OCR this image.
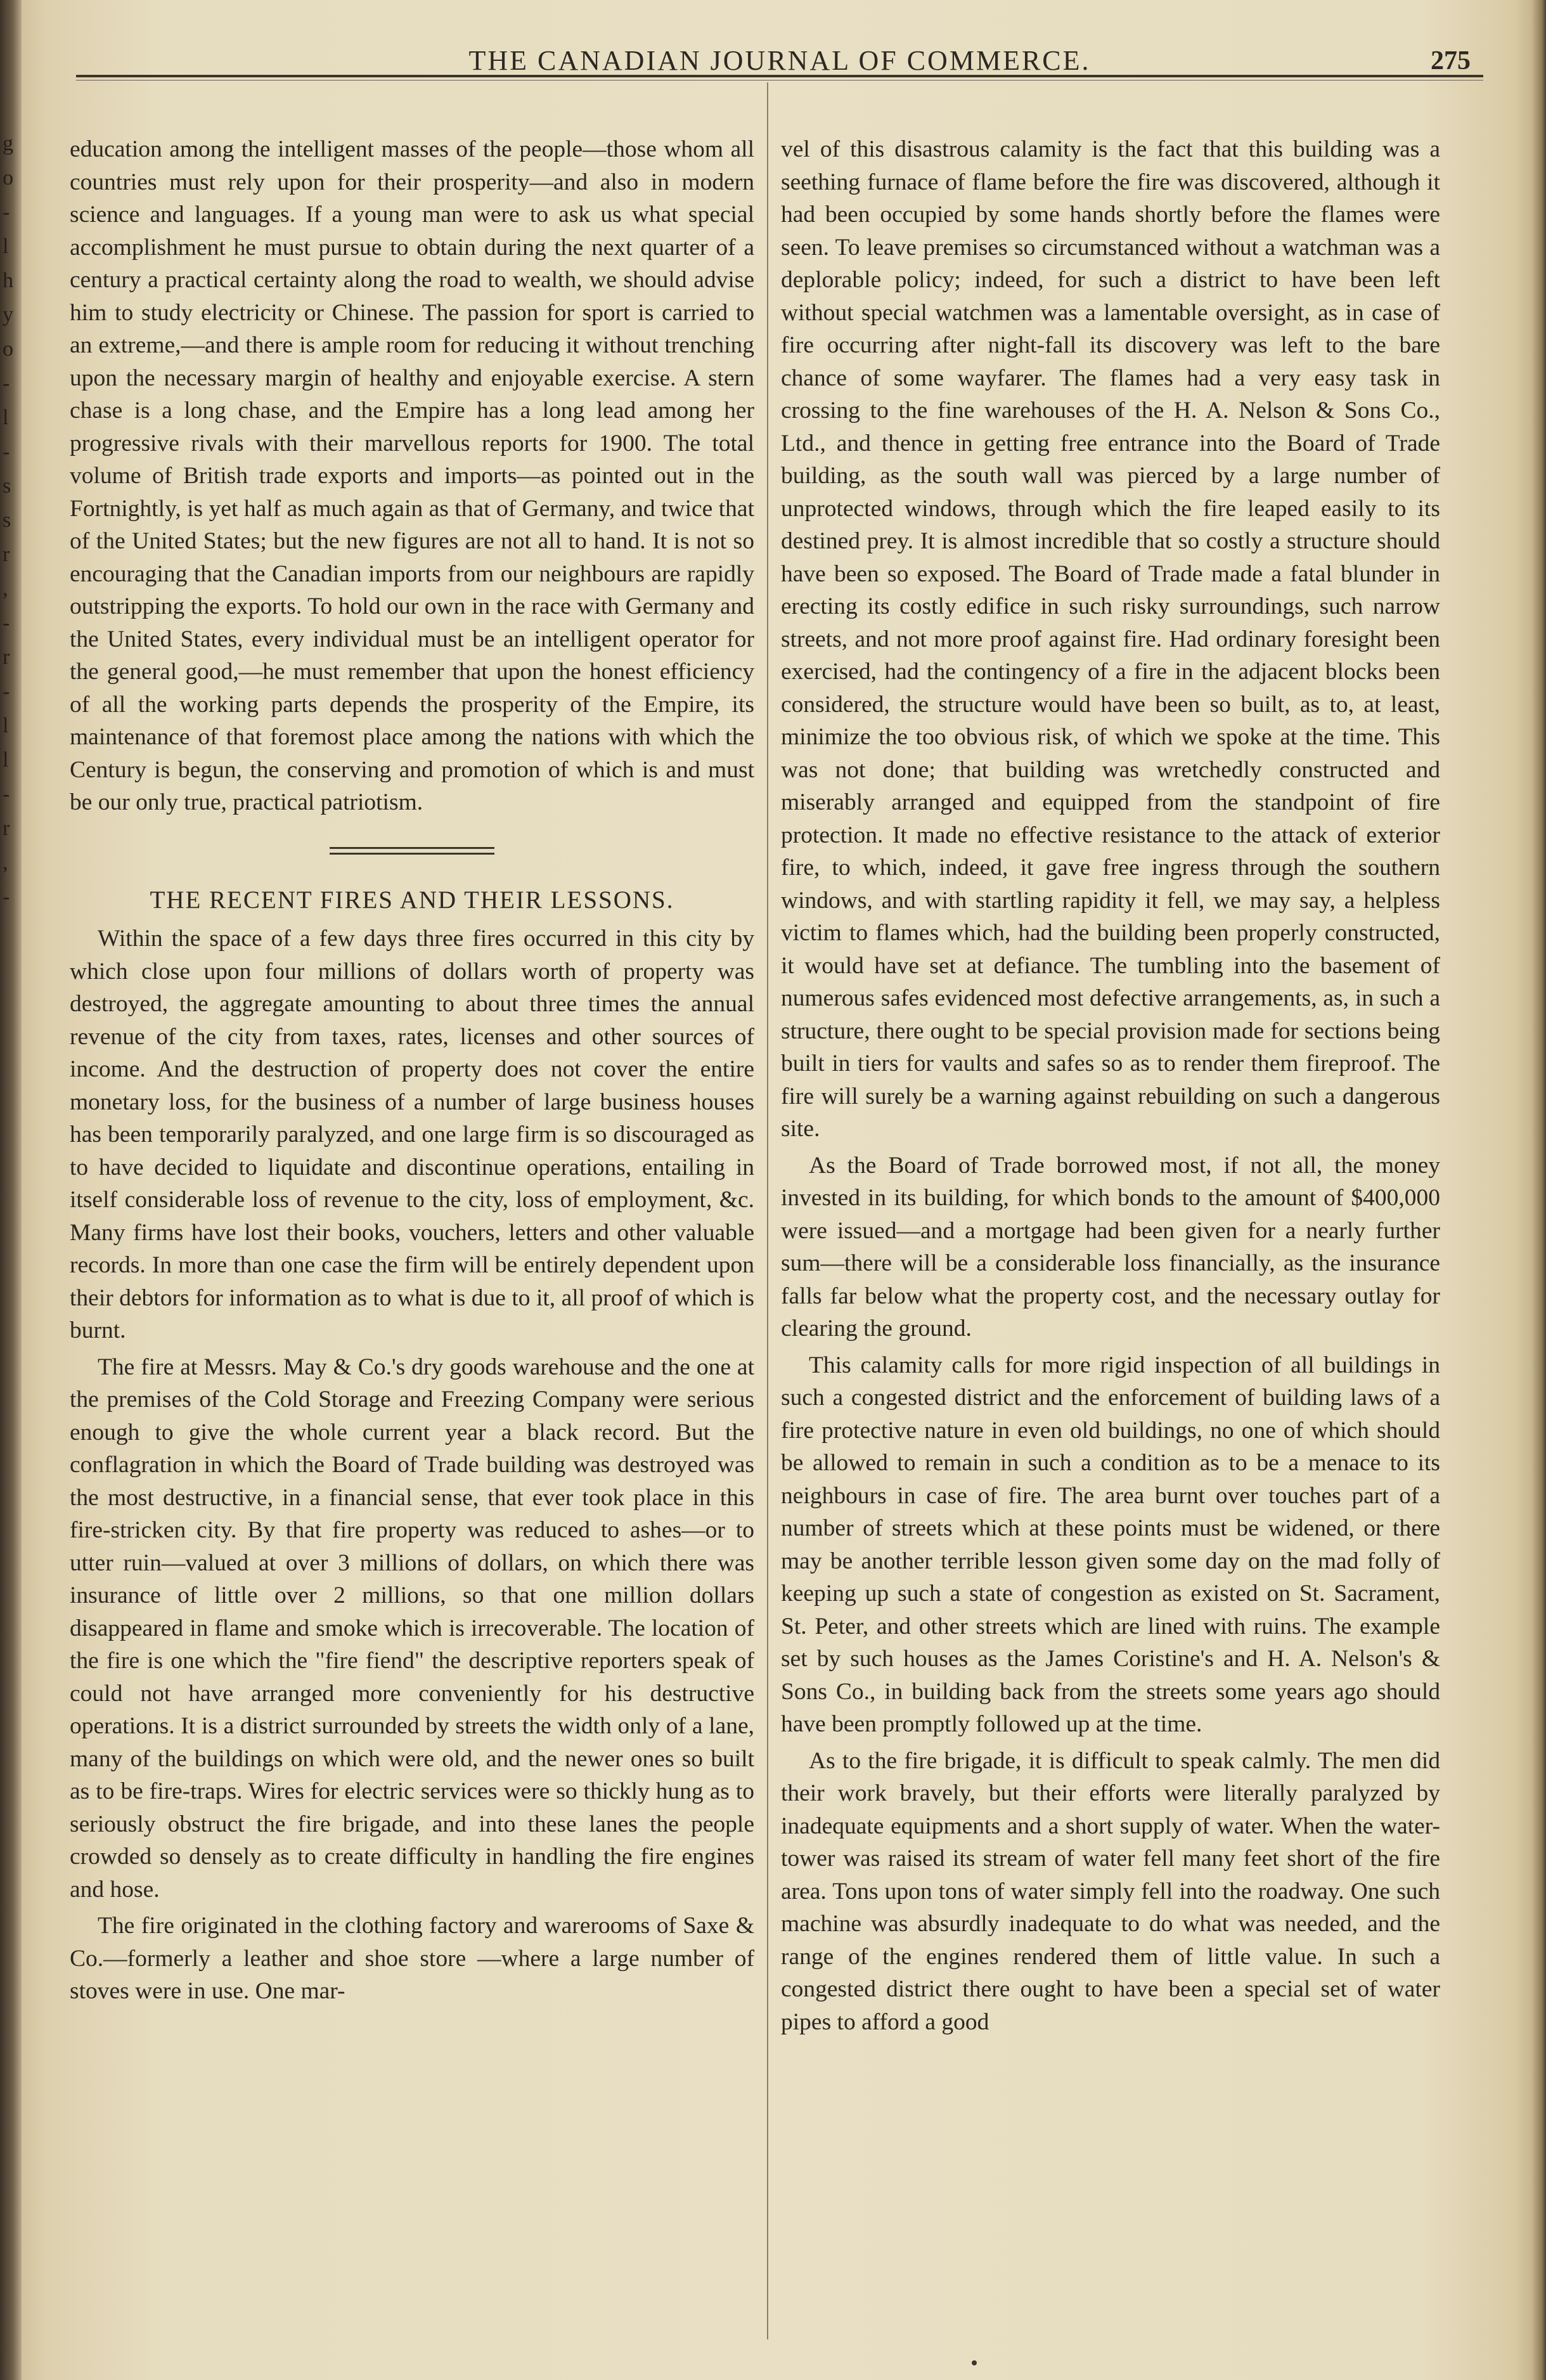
g
o
-
l
h
y
o
-
l
-
s
s
r
,
-
r
-
l
l
-
r
,
-
THE CANADIAN JOURNAL OF COMMERCE.	275

education among the intelligent masses of the people—those whom all countries must rely upon for their prosperity—and also in modern science and languages. If a young man were to ask us what special accomplishment he must pursue to obtain during the next quarter of a century a practical certainty along the road to wealth, we should advise him to study electricity or Chinese. The passion for sport is carried to an extreme,—and there is ample room for reducing it without trenching upon the necessary margin of healthy and enjoyable exercise. A stern chase is a long chase, and the Empire has a long lead among her progressive rivals with their marvellous reports for 1900. The total volume of British trade exports and imports—as pointed out in the Fortnightly, is yet half as much again as that of Germany, and twice that of the United States; but the new figures are not all to hand. It is not so encouraging that the Canadian imports from our neighbours are rapidly outstripping the exports. To hold our own in the race with Germany and the United States, every individual must be an intelligent operator for the general good,—he must remember that upon the honest efficiency of all the working parts depends the prosperity of the Empire, its maintenance of that foremost place among the nations with which the Century is begun, the conserving and promotion of which is and must be our only true, practical patriotism.

THE RECENT FIRES AND THEIR LESSONS.

Within the space of a few days three fires occurred in this city by which close upon four millions of dollars worth of property was destroyed, the aggregate amounting to about three times the annual revenue of the city from taxes, rates, licenses and other sources of income. And the destruction of property does not cover the entire monetary loss, for the business of a number of large business houses has been temporarily paralyzed, and one large firm is so discouraged as to have decided to liquidate and discontinue operations, entailing in itself considerable loss of revenue to the city, loss of employment, &c. Many firms have lost their books, vouchers, letters and other valuable records. In more than one case the firm will be entirely dependent upon their debtors for information as to what is due to it, all proof of which is burnt.

The fire at Messrs. May & Co.'s dry goods warehouse and the one at the premises of the Cold Storage and Freezing Company were serious enough to give the whole current year a black record. But the conflagration in which the Board of Trade building was destroyed was the most destructive, in a financial sense, that ever took place in this fire-stricken city. By that fire property was reduced to ashes—or to utter ruin—valued at over 3 millions of dollars, on which there was insurance of little over 2 millions, so that one million dollars disappeared in flame and smoke which is irrecoverable. The location of the fire is one which the "fire fiend" the descriptive reporters speak of could not have arranged more conveniently for his destructive operations. It is a district surrounded by streets the width only of a lane, many of the buildings on which were old, and the newer ones so built as to be fire-traps. Wires for electric services were so thickly hung as to seriously obstruct the fire brigade, and into these lanes the people crowded so densely as to create difficulty in handling the fire engines and hose.

The fire originated in the clothing factory and warerooms of Saxe & Co.—formerly a leather and shoe store —where a large number of stoves were in use. One mar-

vel of this disastrous calamity is the fact that this building was a seething furnace of flame before the fire was discovered, although it had been occupied by some hands shortly before the flames were seen. To leave premises so circumstanced without a watchman was a deplorable policy; indeed, for such a district to have been left without special watchmen was a lamentable oversight, as in case of fire occurring after night-fall its discovery was left to the bare chance of some wayfarer. The flames had a very easy task in crossing to the fine warehouses of the H. A. Nelson & Sons Co., Ltd., and thence in getting free entrance into the Board of Trade building, as the south wall was pierced by a large number of unprotected windows, through which the fire leaped easily to its destined prey. It is almost incredible that so costly a structure should have been so exposed. The Board of Trade made a fatal blunder in erecting its costly edifice in such risky surroundings, such narrow streets, and not more proof against fire. Had ordinary foresight been exercised, had the contingency of a fire in the adjacent blocks been considered, the structure would have been so built, as to, at least, minimize the too obvious risk, of which we spoke at the time. This was not done; that building was wretchedly constructed and miserably arranged and equipped from the standpoint of fire protection. It made no effective resistance to the attack of exterior fire, to which, indeed, it gave free ingress through the southern windows, and with startling rapidity it fell, we may say, a helpless victim to flames which, had the building been properly constructed, it would have set at defiance. The tumbling into the basement of numerous safes evidenced most defective arrangements, as, in such a structure, there ought to be special provision made for sections being built in tiers for vaults and safes so as to render them fireproof. The fire will surely be a warning against rebuilding on such a dangerous site.

As the Board of Trade borrowed most, if not all, the money invested in its building, for which bonds to the amount of $400,000 were issued—and a mortgage had been given for a nearly further sum—there will be a considerable loss financially, as the insurance falls far below what the property cost, and the necessary outlay for clearing the ground.

This calamity calls for more rigid inspection of all buildings in such a congested district and the enforcement of building laws of a fire protective nature in even old buildings, no one of which should be allowed to remain in such a condition as to be a menace to its neighbours in case of fire. The area burnt over touches part of a number of streets which at these points must be widened, or there may be another terrible lesson given some day on the mad folly of keeping up such a state of congestion as existed on St. Sacrament, St. Peter, and other streets which are lined with ruins. The example set by such houses as the James Coristine's and H. A. Nelson's & Sons Co., in building back from the streets some years ago should have been promptly followed up at the time.

As to the fire brigade, it is difficult to speak calmly. The men did their work bravely, but their efforts were literally paralyzed by inadequate equipments and a short supply of water. When the water-tower was raised its stream of water fell many feet short of the fire area. Tons upon tons of water simply fell into the roadway. One such machine was absurdly inadequate to do what was needed, and the range of the engines rendered them of little value. In such a congested district there ought to have been a special set of water pipes to afford a good
